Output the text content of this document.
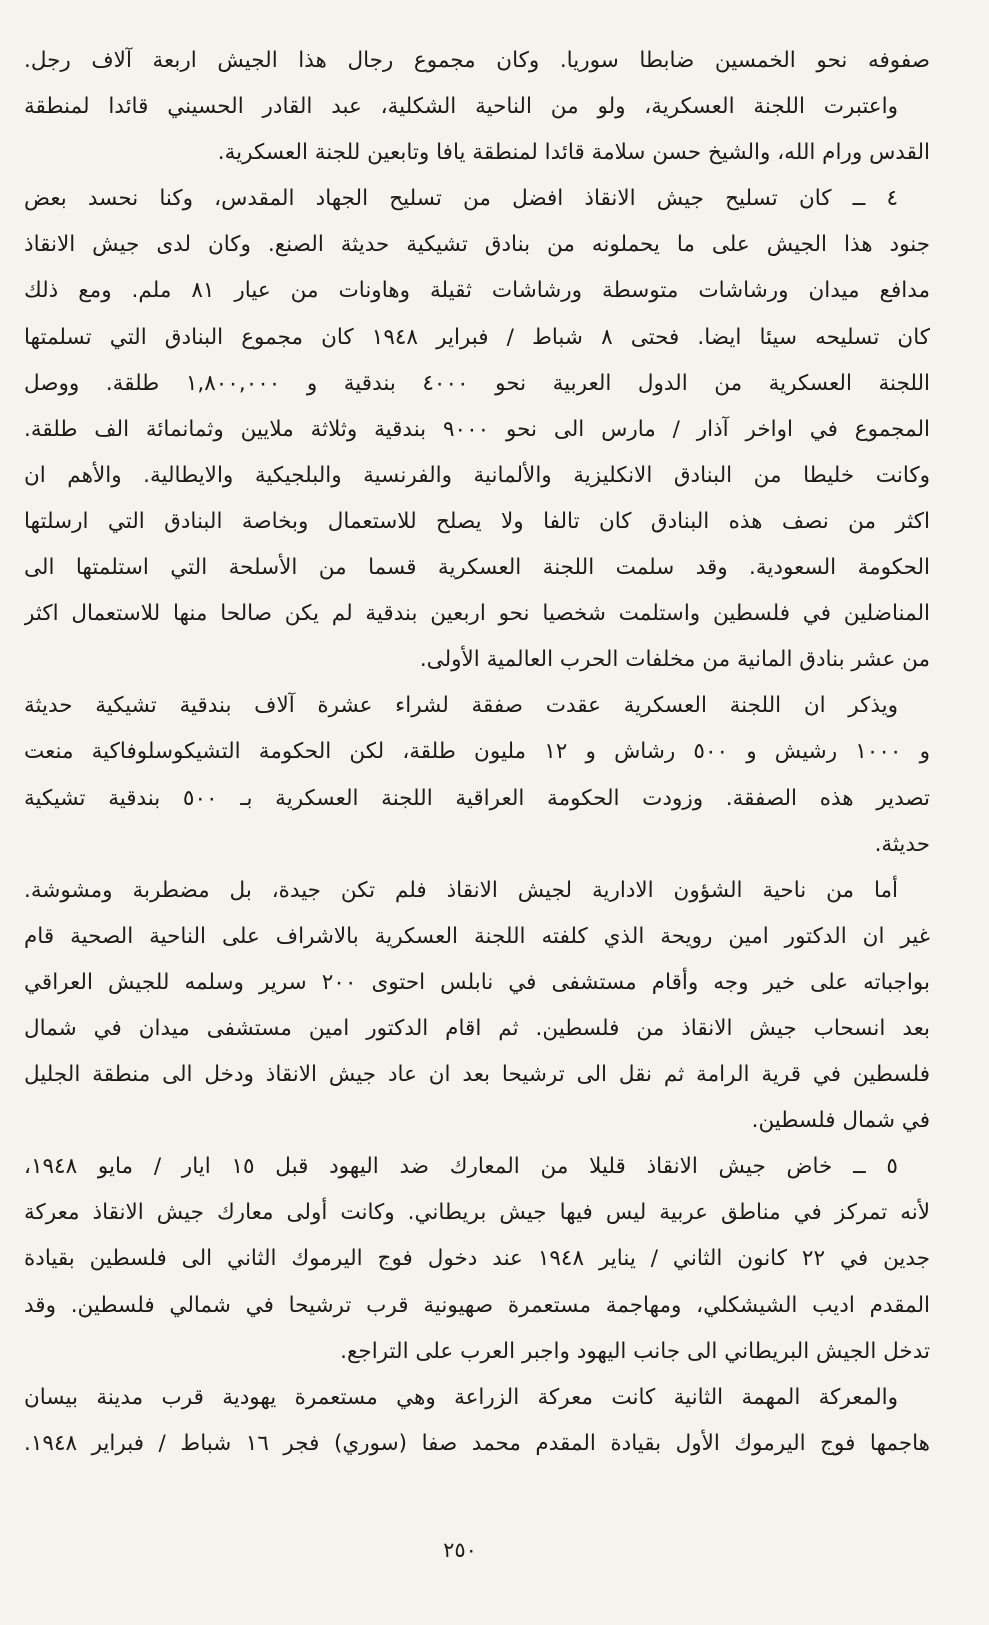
صفوفه نحو الخمسين ضابطا سوريا. وكان مجموع رجال هذا الجيش اربعة آلاف رجل.
واعتبرت اللجنة العسكرية، ولو من الناحية الشكلية، عبد القادر الحسيني قائدا لمنطقة
القدس ورام الله، والشيخ حسن سلامة قائدا لمنطقة يافا وتابعين للجنة العسكرية.
٤ ــ كان تسليح جيش الانقاذ افضل من تسليح الجهاد المقدس، وكنا نحسد بعض
جنود هذا الجيش على ما يحملونه من بنادق تشيكية حديثة الصنع. وكان لدى جيش الانقاذ
مدافع ميدان ورشاشات متوسطة ورشاشات ثقيلة وهاونات من عيار ٨١ ملم. ومع ذلك
كان تسليحه سيئا ايضا. فحتى ٨ شباط / فبراير ١٩٤٨ كان مجموع البنادق التي تسلمتها
اللجنة العسكرية من الدول العربية نحو ٤٠٠٠ بندقية و ١,٨٠٠,٠٠٠ طلقة. ووصل
المجموع في اواخر آذار / مارس الى نحو ٩٠٠٠ بندقية وثلاثة ملايين وثمانمائة الف طلقة.
وكانت خليطا من البنادق الانكليزية والألمانية والفرنسية والبلجيكية والايطالية. والأهم ان
اكثر من نصف هذه البنادق كان تالفا ولا يصلح للاستعمال وبخاصة البنادق التي ارسلتها
الحكومة السعودية. وقد سلمت اللجنة العسكرية قسما من الأسلحة التي استلمتها الى
المناضلين في فلسطين واستلمت شخصيا نحو اربعين بندقية لم يكن صالحا منها للاستعمال اكثر
من عشر بنادق المانية من مخلفات الحرب العالمية الأولى.
ويذكر ان اللجنة العسكرية عقدت صفقة لشراء عشرة آلاف بندقية تشيكية حديثة
و ١٠٠٠ رشيش و ٥٠٠ رشاش و ١٢ مليون طلقة، لكن الحكومة التشيكوسلوفاكية منعت
تصدير هذه الصفقة. وزودت الحكومة العراقية اللجنة العسكرية بـ ٥٠٠ بندقية تشيكية
حديثة.
أما من ناحية الشؤون الادارية لجيش الانقاذ فلم تكن جيدة، بل مضطربة ومشوشة.
غير ان الدكتور امين رويحة الذي كلفته اللجنة العسكرية بالاشراف على الناحية الصحية قام
بواجباته على خير وجه وأقام مستشفى في نابلس احتوى ٢٠٠ سرير وسلمه للجيش العراقي
بعد انسحاب جيش الانقاذ من فلسطين. ثم اقام الدكتور امين مستشفى ميدان في شمال
فلسطين في قرية الرامة ثم نقل الى ترشيحا بعد ان عاد جيش الانقاذ ودخل الى منطقة الجليل
في شمال فلسطين.
٥ ــ خاض جيش الانقاذ قليلا من المعارك ضد اليهود قبل ١٥ ايار / مايو ١٩٤٨،
لأنه تمركز في مناطق عربية ليس فيها جيش بريطاني. وكانت أولى معارك جيش الانقاذ معركة
جدين في ٢٢ كانون الثاني / يناير ١٩٤٨ عند دخول فوج اليرموك الثاني الى فلسطين بقيادة
المقدم اديب الشيشكلي، ومهاجمة مستعمرة صهيونية قرب ترشيحا في شمالي فلسطين. وقد
تدخل الجيش البريطاني الى جانب اليهود واجبر العرب على التراجع.
والمعركة المهمة الثانية كانت معركة الزراعة وهي مستعمرة يهودية قرب مدينة بيسان
هاجمها فوج اليرموك الأول بقيادة المقدم محمد صفا (سوري) فجر ١٦ شباط / فبراير ١٩٤٨.
٢٥٠
